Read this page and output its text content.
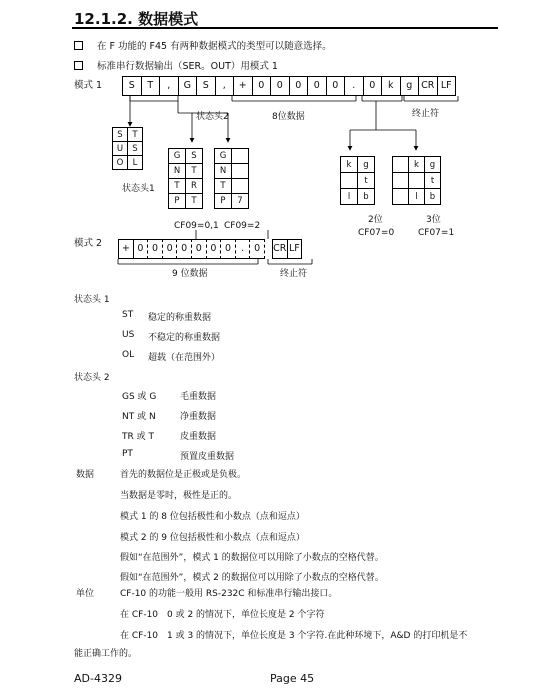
12.1.2. 数据模式
在 F 功能的 F45 有两种数据模式的类型可以随意选择。
标准串行数据输出（SER。OUT）用模式 1
模式 1	S	T	,	G	S	,	+	0	0	0	0	0	.	0	k	g CR LF
状态头2	8位数据	终止符
S	T
U	S
O	L
状态头1
G	S
N	T
T	R
P	T
G	
N	
T	
P	7
k	g
	t
l	b
	k	g
		t
	l	b
2位	3位
CF07=0	CF07=1
CF09=0,1 CF09=2
模式 2	+ 0 0 0 0 0 0 0	.	0	CR LF
9 位数据	终止符
状态头 1
ST 稳定的称重数据
US 不稳定的称重数据
OL 超载（在范围外）
状态头 2
GS 或 G	毛重数据
NT 或 N	净重数据
TR 或 T	皮重数据
PT	预置皮重数据
数据	首先的数据位是正极或是负极。
当数据是零时，极性是正的。
模式 1 的 8 位包括极性和小数点（点和逗点）
模式 2 的 9 位包括极性和小数点（点和逗点）
假如“在范围外”，模式 1 的数据位可以用除了小数点的空格代替。
假如“在范围外”，模式 2 的数据位可以用除了小数点的空格代替。
单位	CF-10 的功能一般用 RS-232C 和标准串行输出接口。
在 CF-10　0 或 2 的情况下，单位长度是 2 个字符
在 CF-10　1 或 3 的情况下，单位长度是 3 个字符.在此种环境下，A&D 的打印机是不
能正确工作的。
AD-4329	Page 45
